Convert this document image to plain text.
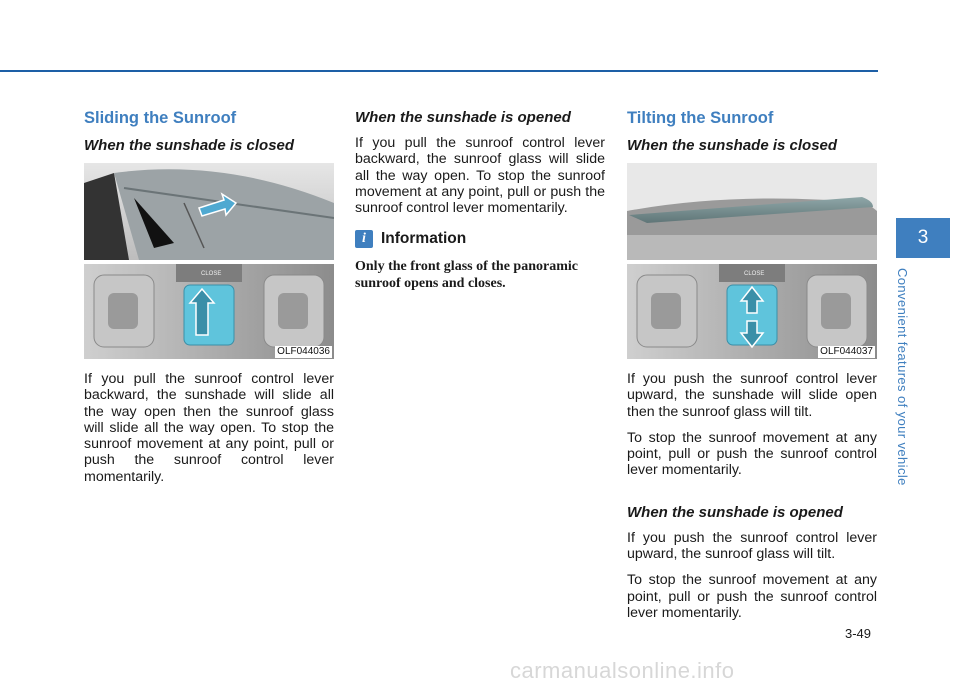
Sliding the Sunroof
When the sunshade is closed
CLOSE
OLF044036

If you pull the sunroof control lever backward, the sunshade will slide all the way open then the sunroof glass will slide all the way open. To stop the sunroof movement at any point, pull or push the sunroof control lever momentarily.

When the sunshade is opened

If you pull the sunroof control lever backward, the sunroof glass will slide all the way open. To stop the sunroof movement at any point, pull or push the sunroof control lever momentarily.

i Information

Only the front glass of the panoramic sunroof opens and closes.

Tilting the Sunroof
When the sunshade is closed
CLOSE
OLF044037

If you push the sunroof control lever upward, the sunshade will slide open then the sunroof glass will tilt.

To stop the sunroof movement at any point, pull or push the sunroof control lever momentarily.

When the sunshade is opened

If you push the sunroof control lever upward, the sunroof glass will tilt.

To stop the sunroof movement at any point, pull or push the sunroof control lever momentarily.

3
Convenient features of your vehicle
3-49
carmanualsonline.info
